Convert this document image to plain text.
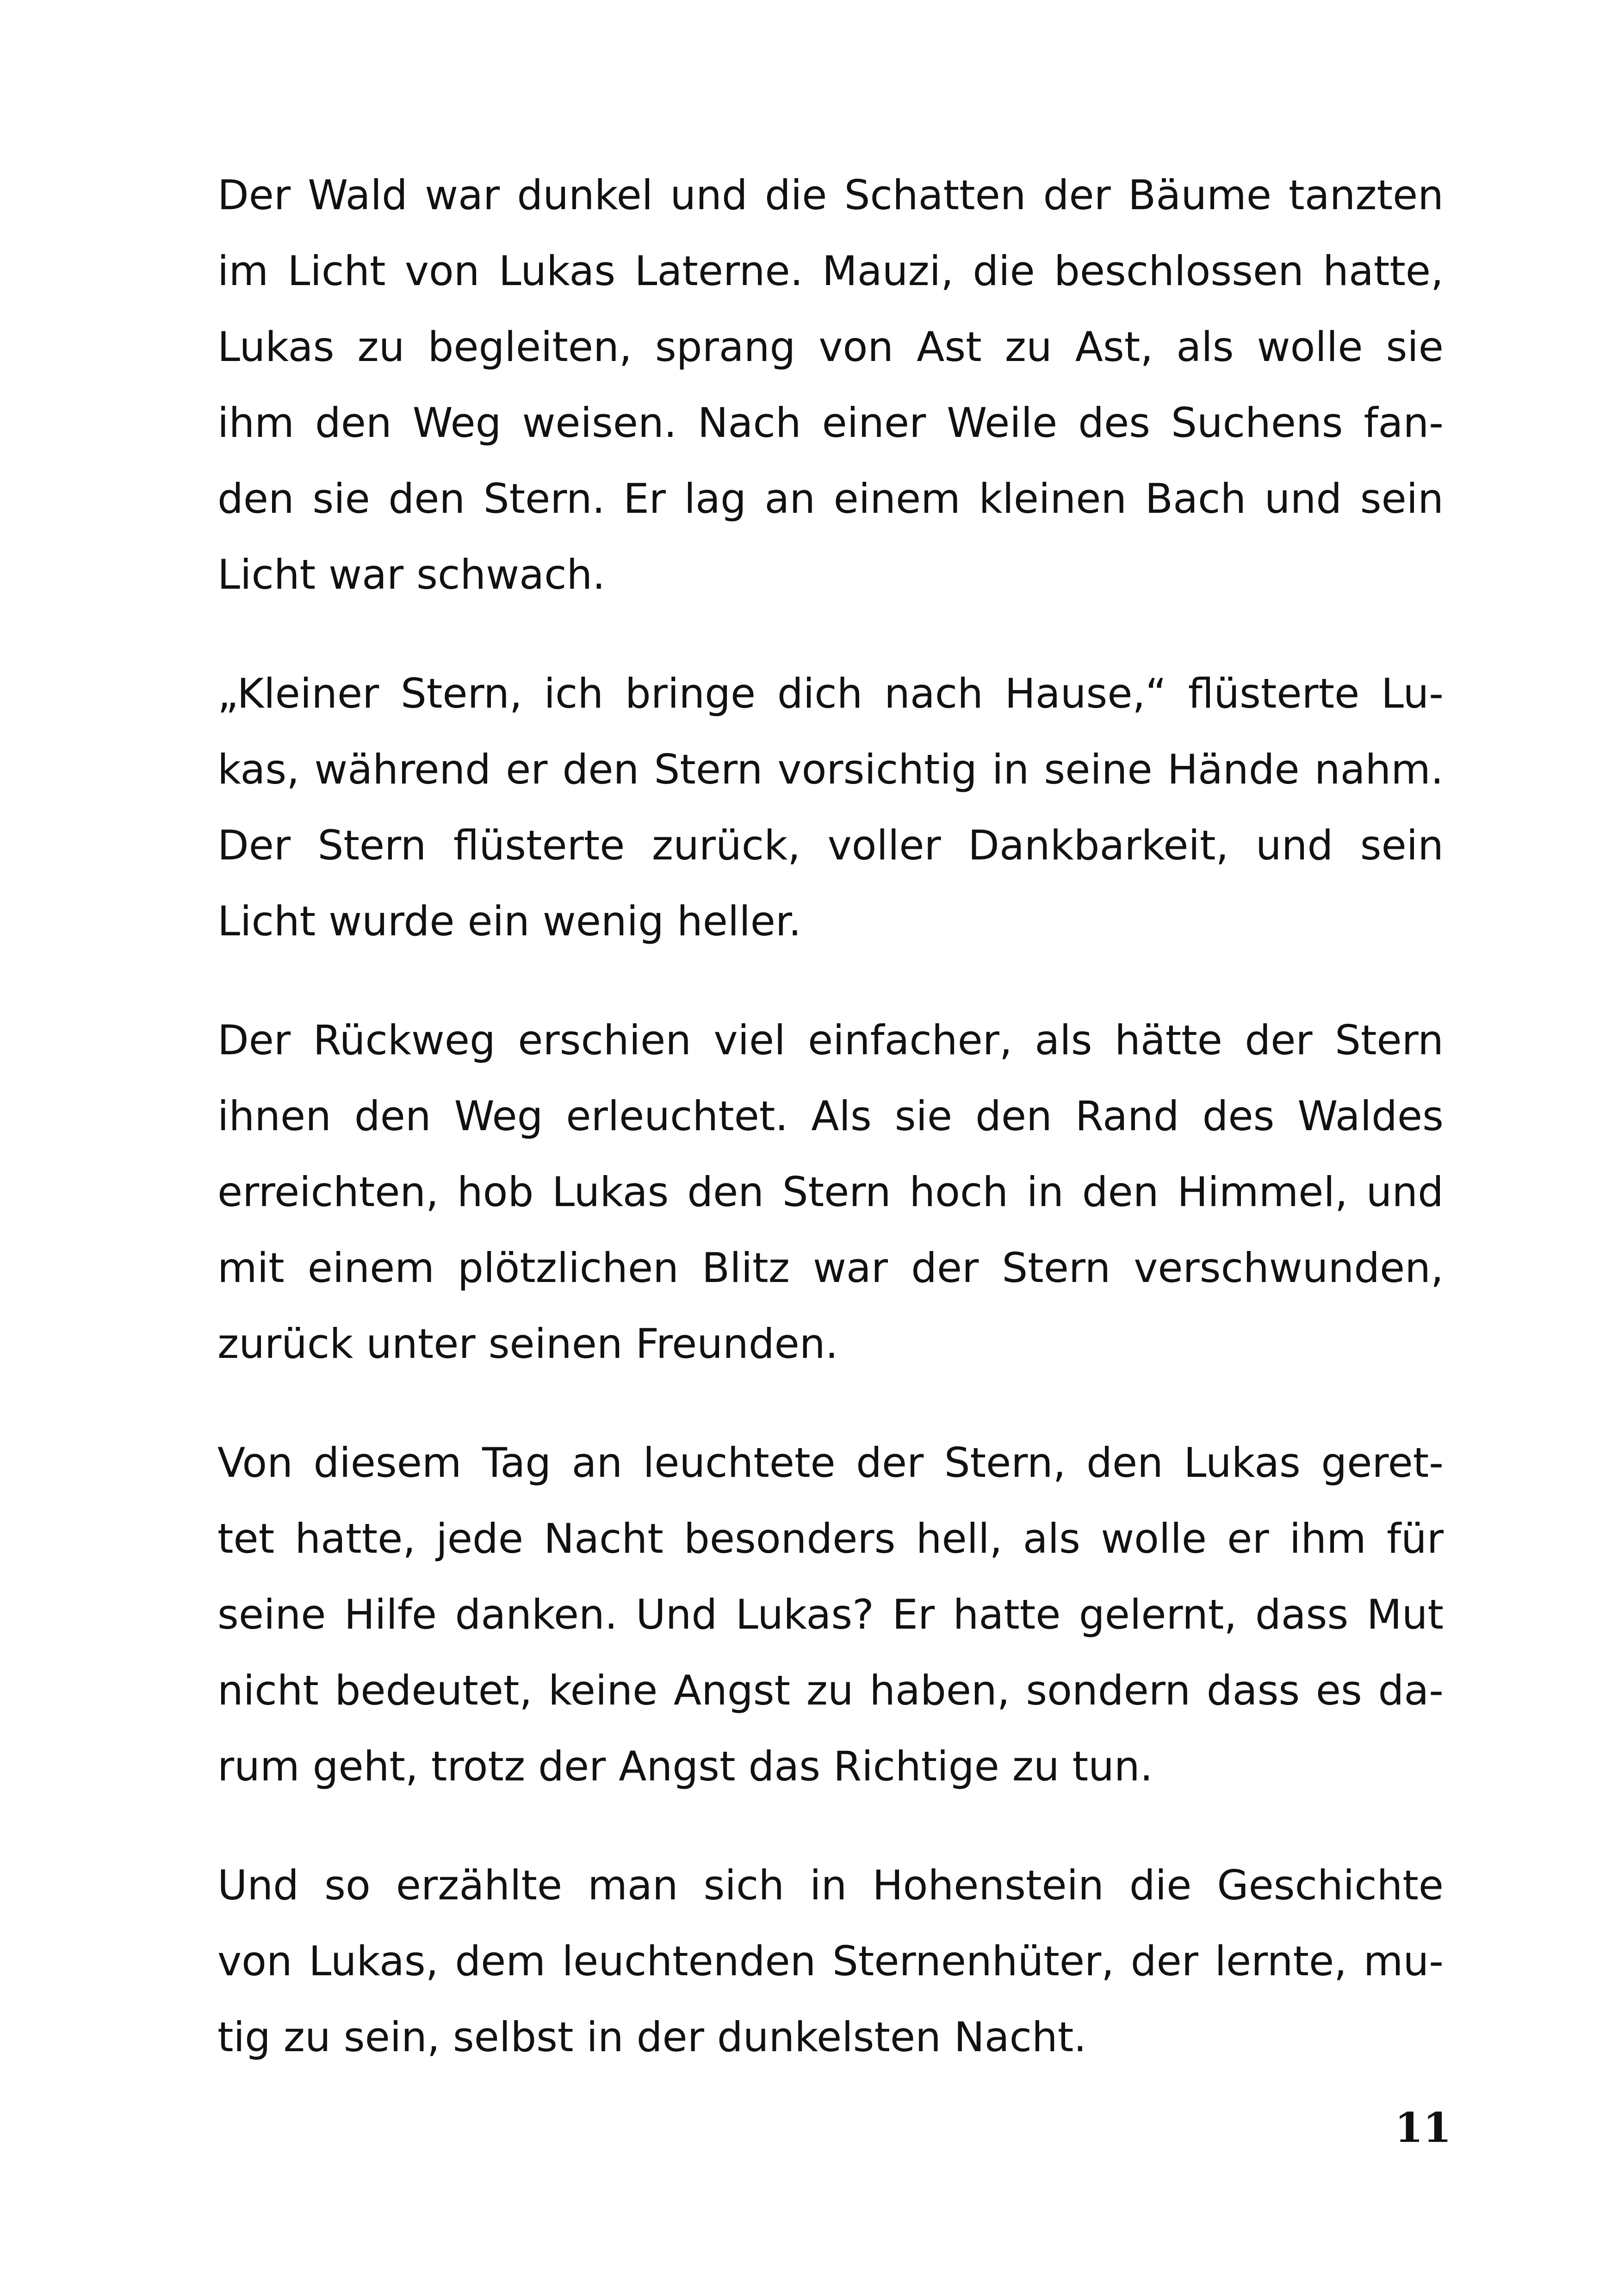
Der Wald war dunkel und die Schatten der Bäume tanzten
im Licht von Lukas Laterne. Mauzi, die beschlossen hatte,
Lukas zu begleiten, sprang von Ast zu Ast, als wolle sie
ihm den Weg weisen. Nach einer Weile des Suchens fan-
den sie den Stern. Er lag an einem kleinen Bach und sein
Licht war schwach.

„Kleiner Stern, ich bringe dich nach Hause,“ flüsterte Lu-
kas, während er den Stern vorsichtig in seine Hände nahm.
Der Stern flüsterte zurück, voller Dankbarkeit, und sein
Licht wurde ein wenig heller.

Der Rückweg erschien viel einfacher, als hätte der Stern
ihnen den Weg erleuchtet. Als sie den Rand des Waldes
erreichten, hob Lukas den Stern hoch in den Himmel, und
mit einem plötzlichen Blitz war der Stern verschwunden,
zurück unter seinen Freunden.

Von diesem Tag an leuchtete der Stern, den Lukas geret-
tet hatte, jede Nacht besonders hell, als wolle er ihm für
seine Hilfe danken. Und Lukas? Er hatte gelernt, dass Mut
nicht bedeutet, keine Angst zu haben, sondern dass es da-
rum geht, trotz der Angst das Richtige zu tun.

Und so erzählte man sich in Hohenstein die Geschichte
von Lukas, dem leuchtenden Sternenhüter, der lernte, mu-
tig zu sein, selbst in der dunkelsten Nacht.

11
